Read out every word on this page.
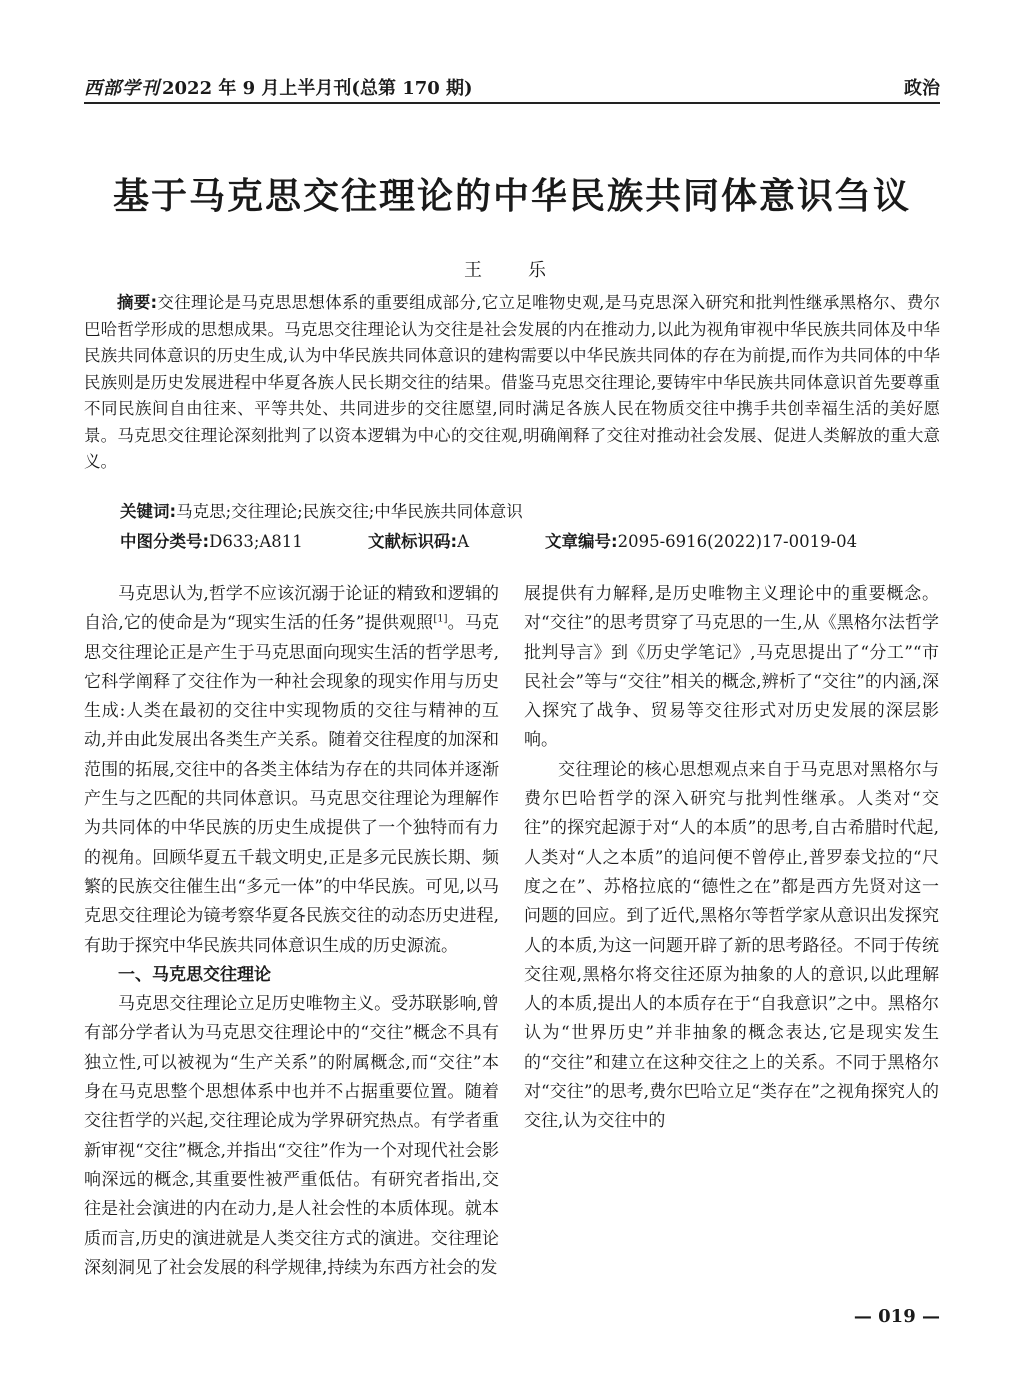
西部学刊 2022 年 9 月上半月刊(总第 170 期)	政治
基于马克思交往理论的中华民族共同体意识刍议
王　乐
摘要:交往理论是马克思思想体系的重要组成部分,它立足唯物史观,是马克思深入研究和批判性继承黑格尔、费尔巴哈哲学形成的思想成果。马克思交往理论认为交往是社会发展的内在推动力,以此为视角审视中华民族共同体及中华民族共同体意识的历史生成,认为中华民族共同体意识的建构需要以中华民族共同体的存在为前提,而作为共同体的中华民族则是历史发展进程中华夏各族人民长期交往的结果。借鉴马克思交往理论,要铸牢中华民族共同体意识首先要尊重不同民族间自由往来、平等共处、共同进步的交往愿望,同时满足各族人民在物质交往中携手共创幸福生活的美好愿景。马克思交往理论深刻批判了以资本逻辑为中心的交往观,明确阐释了交往对推动社会发展、促进人类解放的重大意义。
关键词:马克思;交往理论;民族交往;中华民族共同体意识
中图分类号:D633;A811	文献标识码:A	文章编号:2095-6916(2022)17-0019-04

马克思认为,哲学不应该沉溺于论证的精致和逻辑的自洽,它的使命是为“现实生活的任务”提供观照[1]。马克思交往理论正是产生于马克思面向现实生活的哲学思考,它科学阐释了交往作为一种社会现象的现实作用与历史生成:人类在最初的交往中实现物质的交往与精神的互动,并由此发展出各类生产关系。随着交往程度的加深和范围的拓展,交往中的各类主体结为存在的共同体并逐渐产生与之匹配的共同体意识。马克思交往理论为理解作为共同体的中华民族的历史生成提供了一个独特而有力的视角。回顾华夏五千载文明史,正是多元民族长期、频繁的民族交往催生出“多元一体”的中华民族。可见,以马克思交往理论为镜考察华夏各民族交往的动态历史进程,有助于探究中华民族共同体意识生成的历史源流。

一、马克思交往理论

马克思交往理论立足历史唯物主义。受苏联影响,曾有部分学者认为马克思交往理论中的“交往”概念不具有独立性,可以被视为“生产关系”的附属概念,而“交往”本身在马克思整个思想体系中也并不占据重要位置。随着交往哲学的兴起,交往理论成为学界研究热点。有学者重新审视“交往”概念,并指出“交往”作为一个对现代社会影响深远的概念,其重要性被严重低估。有研究者指出,交往是社会演进的内在动力,是人社会性的本质体现。就本质而言,历史的演进就是人类交往方式的演进。交往理论深刻洞见了社会发展的科学规律,持续为东西方社会的发

展提供有力解释,是历史唯物主义理论中的重要概念。对“交往”的思考贯穿了马克思的一生,从《黑格尔法哲学批判导言》到《历史学笔记》,马克思提出了“分工”“市民社会”等与“交往”相关的概念,辨析了“交往”的内涵,深入探究了战争、贸易等交往形式对历史发展的深层影响。

交往理论的核心思想观点来自于马克思对黑格尔与费尔巴哈哲学的深入研究与批判性继承。人类对“交往”的探究起源于对“人的本质”的思考,自古希腊时代起,人类对“人之本质”的追问便不曾停止,普罗泰戈拉的“尺度之在”、苏格拉底的“德性之在”都是西方先贤对这一问题的回应。到了近代,黑格尔等哲学家从意识出发探究人的本质,为这一问题开辟了新的思考路径。不同于传统交往观,黑格尔将交往还原为抽象的人的意识,以此理解人的本质,提出人的本质存在于“自我意识”之中。黑格尔认为“世界历史”并非抽象的概念表达,它是现实发生的“交往”和建立在这种交往之上的关系。不同于黑格尔对“交往”的思考,费尔巴哈立足“类存在”之视角探究人的交往,认为交往中的

— 019 —
